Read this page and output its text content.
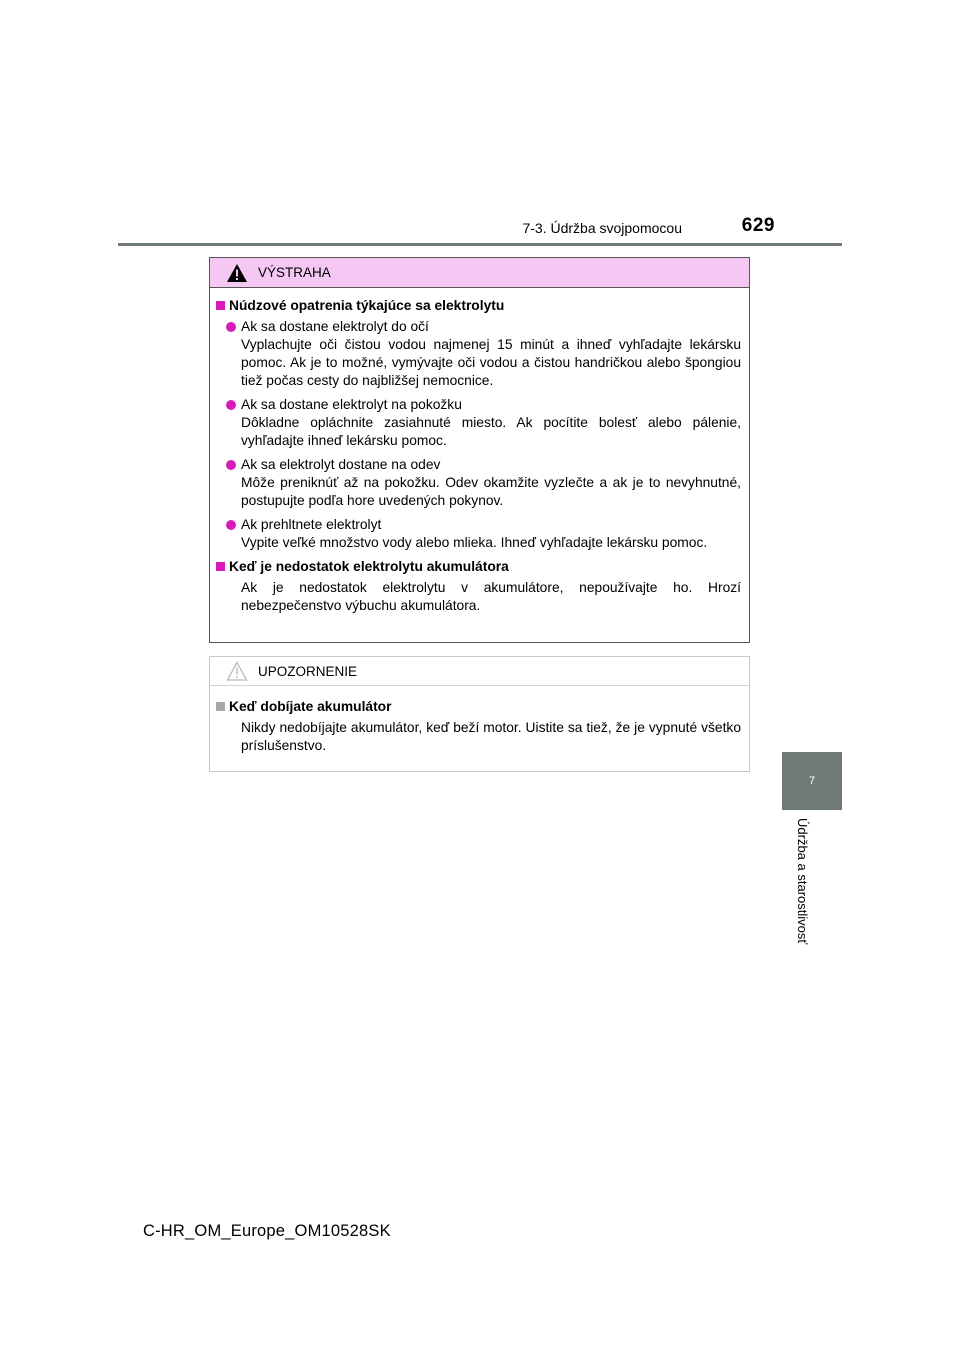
7-3. Údržba svojpomocou	629
7
Údržba a starostlivosť
VÝSTRAHA
Núdzové opatrenia týkajúce sa elektrolytu
Ak sa dostane elektrolyt do očí
Vyplachujte oči čistou vodou najmenej 15 minút a ihneď vyhľadajte lekársku pomoc. Ak je to možné, vymývajte oči vodou a čistou handričkou alebo špongiou tiež počas cesty do najbližšej nemocnice.
Ak sa dostane elektrolyt na pokožku
Dôkladne opláchnite zasiahnuté miesto. Ak pocítite bolesť alebo pálenie, vyhľadajte ihneď lekársku pomoc.
Ak sa elektrolyt dostane na odev
Môže preniknúť až na pokožku. Odev okamžite vyzlečte a ak je to nevyhnutné, postupujte podľa hore uvedených pokynov.
Ak prehltnete elektrolyt
Vypite veľké množstvo vody alebo mlieka. Ihneď vyhľadajte lekársku pomoc.
Keď je nedostatok elektrolytu akumulátora
Ak je nedostatok elektrolytu v akumulátore, nepoužívajte ho. Hrozí nebezpečenstvo výbuchu akumulátora.
UPOZORNENIE
Keď dobíjate akumulátor
Nikdy nedobíjajte akumulátor, keď beží motor. Uistite sa tiež, že je vypnuté všetko príslušenstvo.
C-HR_OM_Europe_OM10528SK
